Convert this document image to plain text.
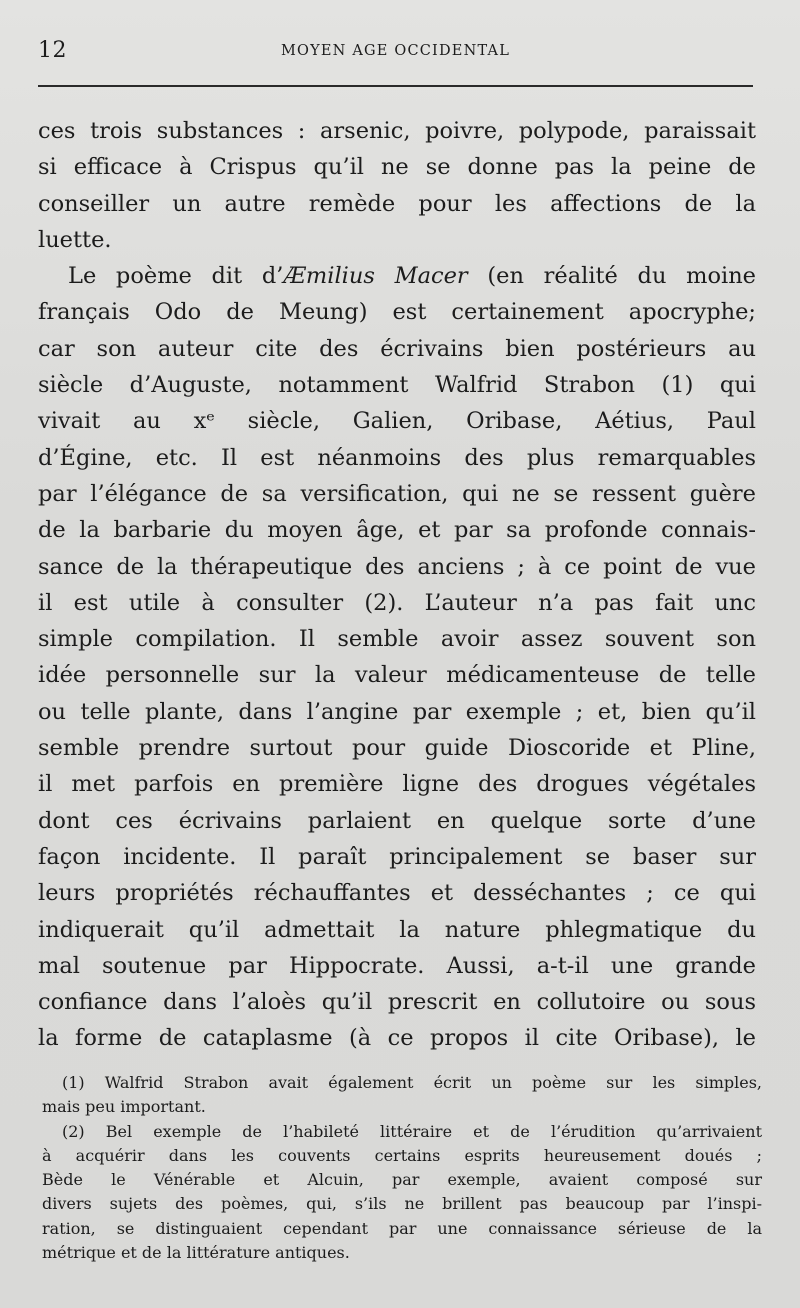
12	MOYEN AGE OCCIDENTAL
ces trois substances : arsenic, poivre, polypode, paraissait
si efficace à Crispus qu’il ne se donne pas la peine de
conseiller un autre remède pour les affections de la
luette.
Le poème dit d’Æmilius Macer (en réalité du moine
français Odo de Meung) est certainement apocryphe;
car son auteur cite des écrivains bien postérieurs au
siècle d’Auguste, notamment Walfrid Strabon (1) qui
vivait au xᵉ siècle, Galien, Oribase, Aétius, Paul
d’Égine, etc. Il est néanmoins des plus remarquables
par l’élégance de sa versification, qui ne se ressent guère
de la barbarie du moyen âge, et par sa profonde connais-
sance de la thérapeutique des anciens ; à ce point de vue
il est utile à consulter (2). L’auteur n’a pas fait unc
simple compilation. Il semble avoir assez souvent son
idée personnelle sur la valeur médicamenteuse de telle
ou telle plante, dans l’angine par exemple ; et, bien qu’il
semble prendre surtout pour guide Dioscoride et Pline,
il met parfois en première ligne des drogues végétales
dont ces écrivains parlaient en quelque sorte d’une
façon incidente. Il paraît principalement se baser sur
leurs propriétés réchauffantes et desséchantes ; ce qui
indiquerait qu’il admettait la nature phlegmatique du
mal soutenue par Hippocrate. Aussi, a-t-il une grande
confiance dans l’aloès qu’il prescrit en collutoire ou sous
la forme de cataplasme (à ce propos il cite Oribase), le
(1) Walfrid Strabon avait également écrit un poème sur les simples,
mais peu important.
(2) Bel exemple de l’habileté littéraire et de l’érudition qu’arrivaient
à acquérir dans les couvents certains esprits heureusement doués ;
Bède le Vénérable et Alcuin, par exemple, avaient composé sur
divers sujets des poèmes, qui, s’ils ne brillent pas beaucoup par l’inspi-
ration, se distinguaient cependant par une connaissance sérieuse de la
métrique et de la littérature antiques.
